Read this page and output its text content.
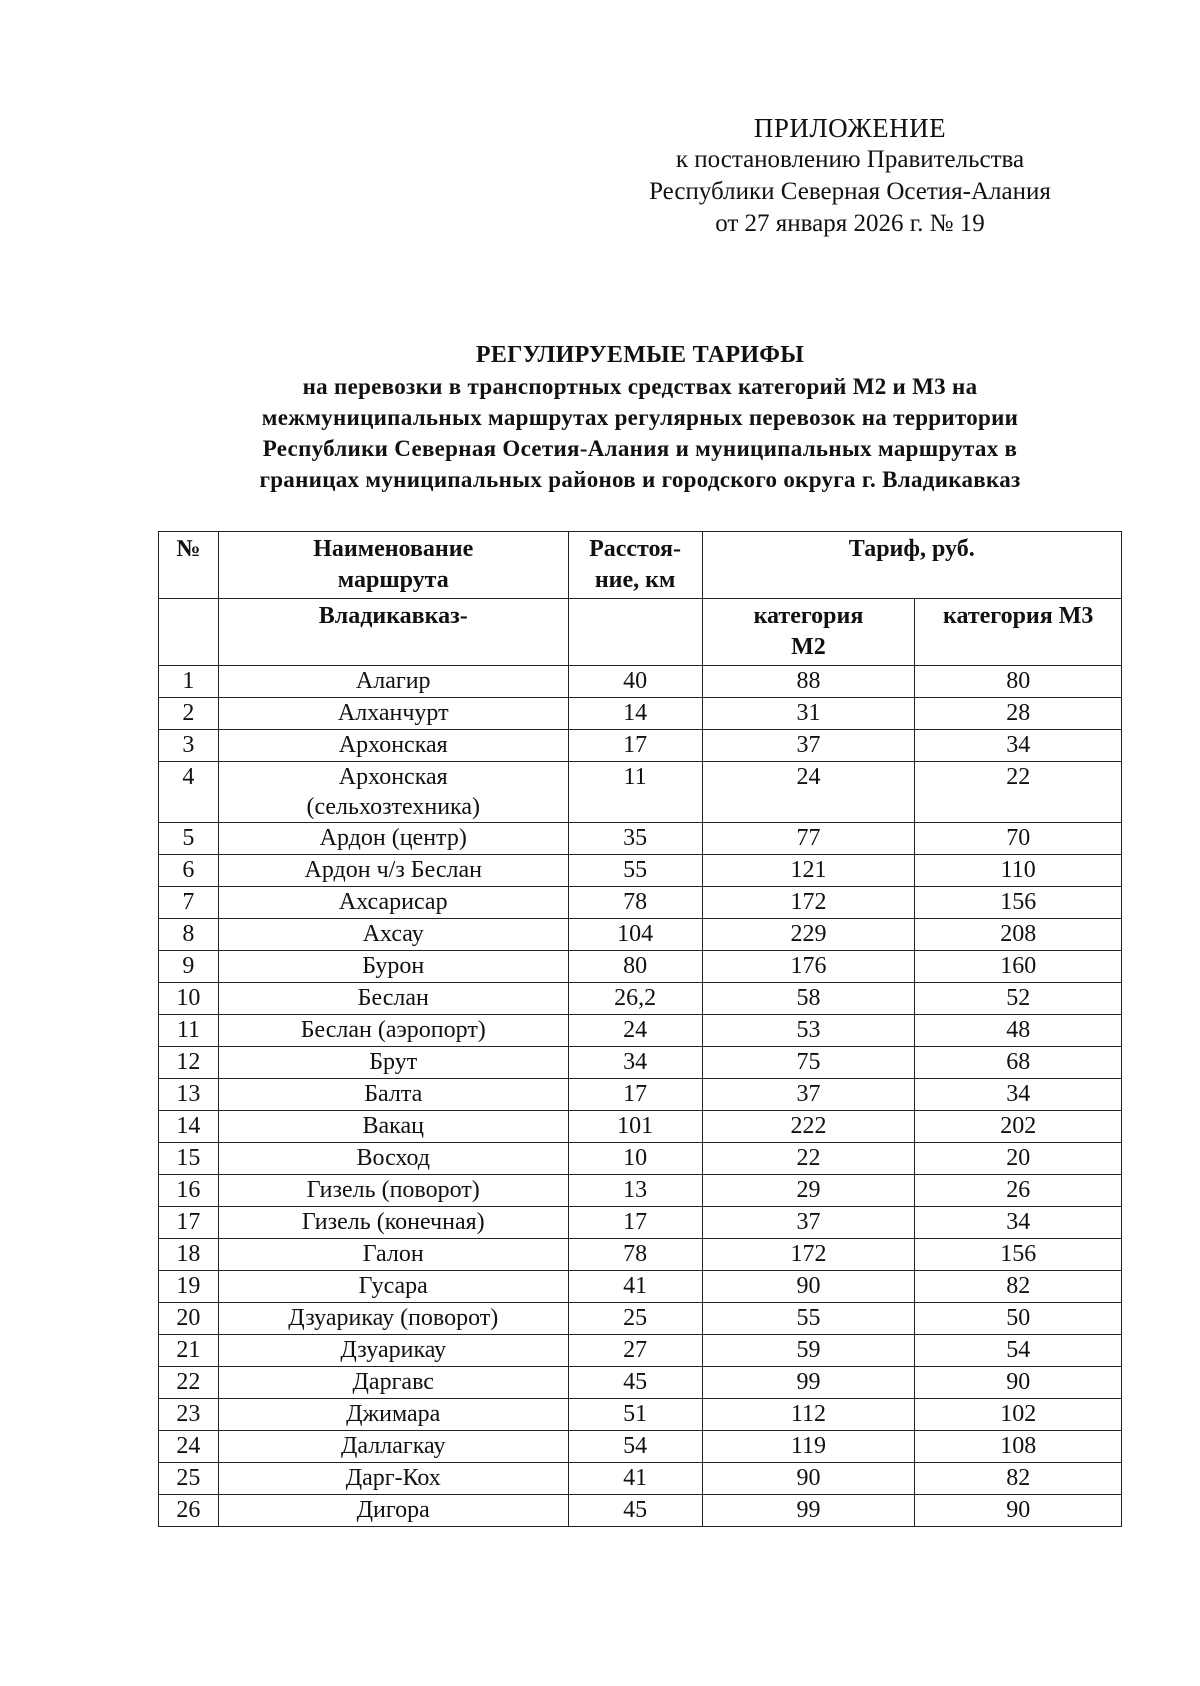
ПРИЛОЖЕНИЕ
к постановлению Правительства
Республики Северная Осетия-Алания
от 27 января 2026 г. № 19
РЕГУЛИРУЕМЫЕ ТАРИФЫ
на перевозки в транспортных средствах категорий М2 и М3 на
межмуниципальных маршрутах регулярных перевозок на территории
Республики Северная Осетия-Алания и муниципальных маршрутах в
границах муниципальных районов и городского округа г. Владикавказ
№	Наименование маршрута	Расстоя-ние, км	Тариф, руб.	
	Владикавказ-		категория М2	категория М3
1	Алагир	40	88	80
2	Алханчурт	14	31	28
3	Архонская	17	37	34
4	Архонская (сельхозтехника)	11	24	22
5	Ардон (центр)	35	77	70
6	Ардон ч/з Беслан	55	121	110
7	Ахсарисар	78	172	156
8	Ахсау	104	229	208
9	Бурон	80	176	160
10	Беслан	26,2	58	52
11	Беслан (аэропорт)	24	53	48
12	Брут	34	75	68
13	Балта	17	37	34
14	Вакац	101	222	202
15	Восход	10	22	20
16	Гизель (поворот)	13	29	26
17	Гизель (конечная)	17	37	34
18	Галон	78	172	156
19	Гусара	41	90	82
20	Дзуарикау (поворот)	25	55	50
21	Дзуарикау	27	59	54
22	Даргавс	45	99	90
23	Джимара	51	112	102
24	Даллагкау	54	119	108
25	Дарг-Кох	41	90	82
26	Дигора	45	99	90
